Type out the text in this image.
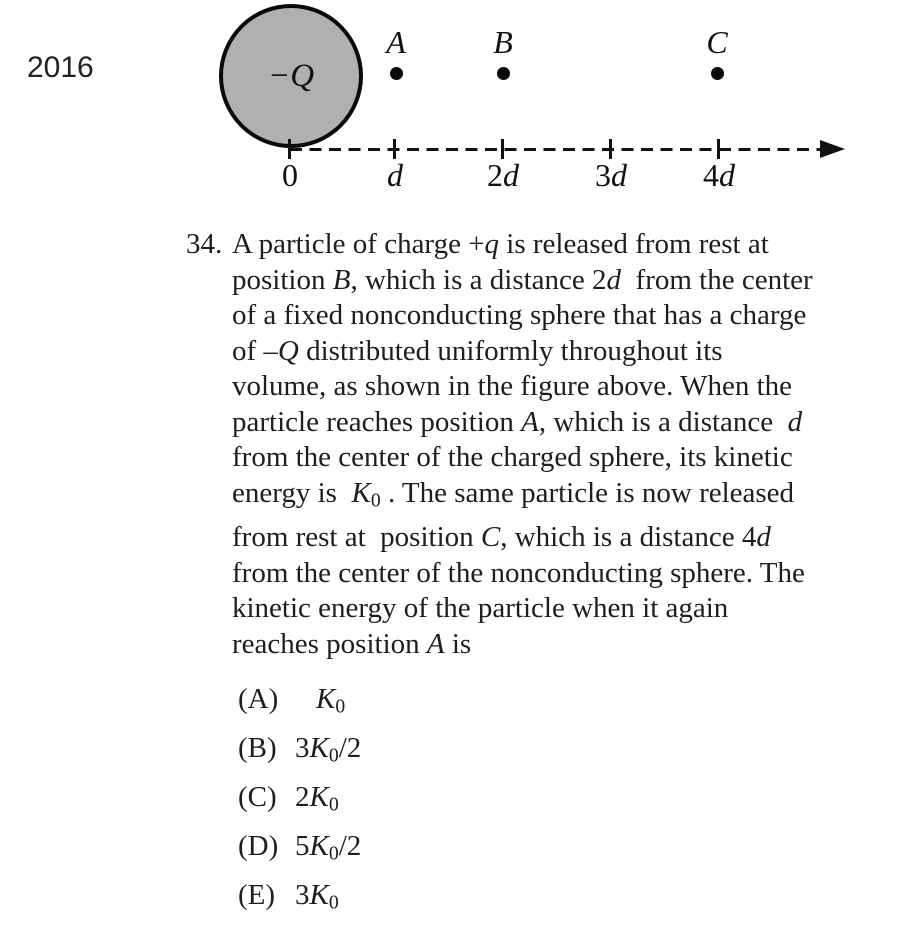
2016	−Q
0	d	2d	3d	4d
A	B	C
34. A particle of charge +q is released from rest at
position B, which is a distance 2d  from the center
of a fixed nonconducting sphere that has a charge
of –Q distributed uniformly throughout its
volume, as shown in the figure above. When the
particle reaches position A, which is a distance  d
from the center of the charged sphere, its kinetic
energy is  $K_0$ . The same particle is now released
from rest at  position C, which is a distance 4d
from the center of the nonconducting sphere. The
kinetic energy of the particle when it again
reaches position A is
(A)	$K_0$
(B) $3K_0/2$
(C) $2K_0$
(D) $5K_0/2$
(E) $3K_0$
